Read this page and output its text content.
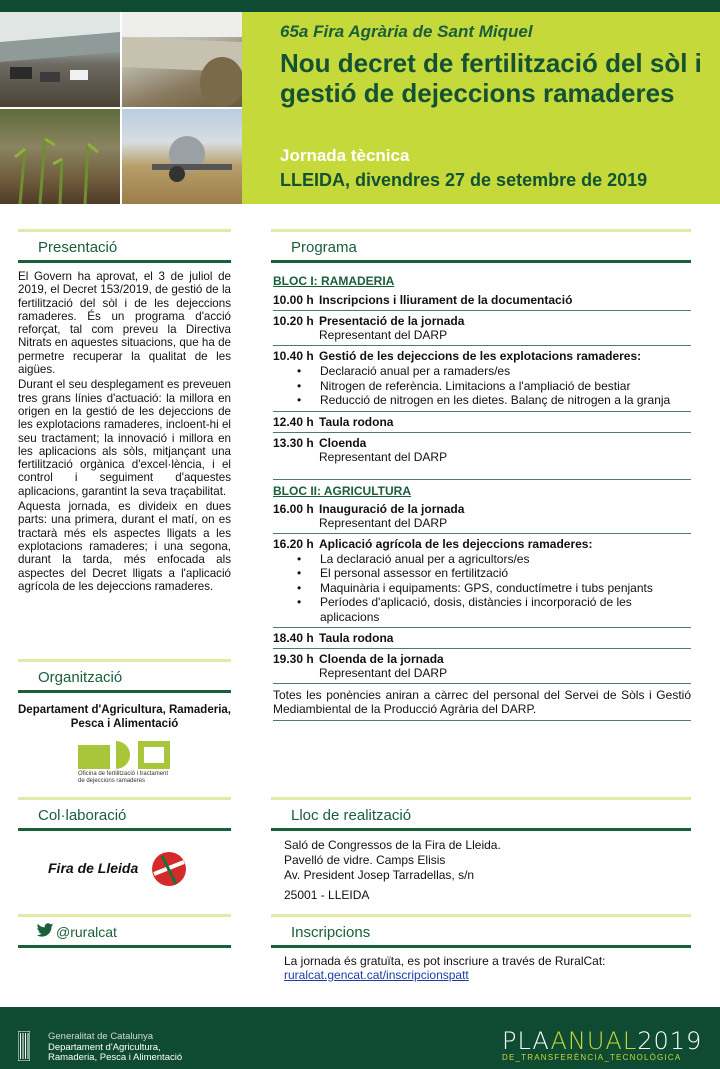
65a Fira Agrària de Sant Miquel
Nou decret de fertilització del sòl i gestió de dejeccions ramaderes
Jornada tècnica
LLEIDA, divendres 27 de setembre de 2019
Presentació

El Govern ha aprovat, el 3 de juliol de 2019, el Decret 153/2019, de gestió de la fertilització del sòl i de les dejeccions ramaderes. És un programa d'acció reforçat, tal com preveu la Directiva Nitrats en aquestes situacions, que ha de permetre recuperar la qualitat de les aigües.

Durant el seu desplegament es preveuen tres grans línies d'actuació: la millora en origen en la gestió de les dejeccions de les explotacions ramaderes, incloent-hi el seu tractament; la innovació i millora en les aplicacions als sòls, mitjançant una fertilització orgànica d'excel·lència, i el control i seguiment d'aquestes aplicacions, garantint la seva traçabilitat.

Aquesta jornada, es divideix en dues parts: una primera, durant el matí, on es tractarà més els aspectes lligats a les explotacions ramaderes; i una segona, durant la tarda, més enfocada als aspectes del Decret lligats a l'aplicació agrícola de les dejeccions ramaderes.

Organització
Departament d'Agricultura, Ramaderia, Pesca i Alimentació
Oficina de fertilització i tractament
de dejeccions ramaderes
Col·laboració
Fira de Lleida
@ruralcat
Programa
BLOC I: RAMADERIA
10.00 h Inscripcions i lliurament de la documentació
10.20 h Presentació de la jornada
Representant del DARP
10.40 h Gestió de les dejeccions de les explotacions ramaderes:
• Declaració anual per a ramaders/es
• Nitrogen de referència. Limitacions a l'ampliació de bestiar
• Reducció de nitrogen en les dietes. Balanç de nitrogen a la granja
12.40 h Taula rodona
13.30 h Cloenda
Representant del DARP
BLOC II: AGRICULTURA
16.00 h Inauguració de la jornada
Representant del DARP
16.20 h Aplicació agrícola de les dejeccions ramaderes:
• La declaració anual per a agricultors/es
• El personal assessor en fertilització
• Maquinària i equipaments: GPS, conductímetre i tubs penjants
• Períodes d'aplicació, dosis, distàncies i incorporació de les aplicacions
18.40 h Taula rodona
19.30 h Cloenda de la jornada
Representant del DARP
Totes les ponències aniran a càrrec del personal del Servei de Sòls i Gestió Mediambiental de la Producció Agrària del DARP.
Lloc de realització
Saló de Congressos de la Fira de Lleida.
Pavelló de vidre. Camps Elisis
Av. President Josep Tarradellas, s/n
25001 - LLEIDA
Inscripcions
La jornada és gratuïta, es pot inscriure a través de RuralCat:
ruralcat.gencat.cat/inscripcionspatt
Generalitat de Catalunya
Departament d'Agricultura,
Ramaderia, Pesca i Alimentació
PLAANUAL2019
DE_TRANSFERÈNCIA_TECNOLÒGICA
